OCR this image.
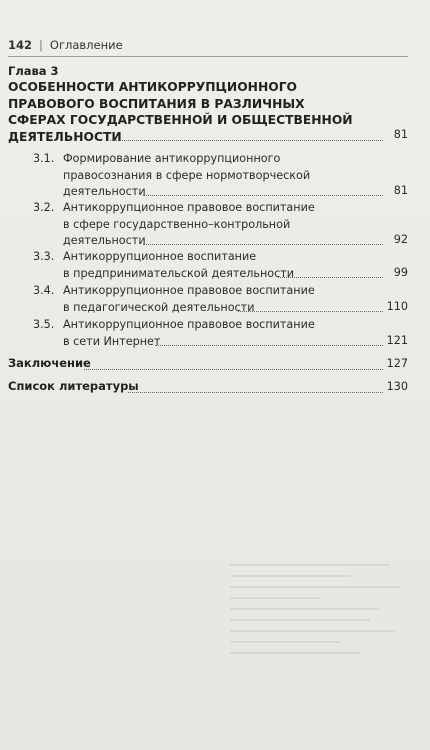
142 | Оглавление
Глава 3
ОСОБЕННОСТИ АНТИКОРРУПЦИОННОГО
ПРАВОВОГО ВОСПИТАНИЯ В РАЗЛИЧНЫХ
СФЕРАХ ГОСУДАРСТВЕННОЙ И ОБЩЕСТВЕННОЙ
ДЕЯТЕЛЬНОСТИ	81
3.1. Формирование антикоррупционного
правосознания в сфере нормотворческой
деятельности	81
3.2. Антикоррупционное правовое воспитание
в сфере государственно–контрольной
деятельности	92
3.3. Антикоррупционное воспитание
в предпринимательской деятельности	99
3.4. Антикоррупционное правовое воспитание
в педагогической деятельности	110
3.5. Антикоррупционное правовое воспитание
в сети Интернет	121
Заключение	127
Список литературы	130
